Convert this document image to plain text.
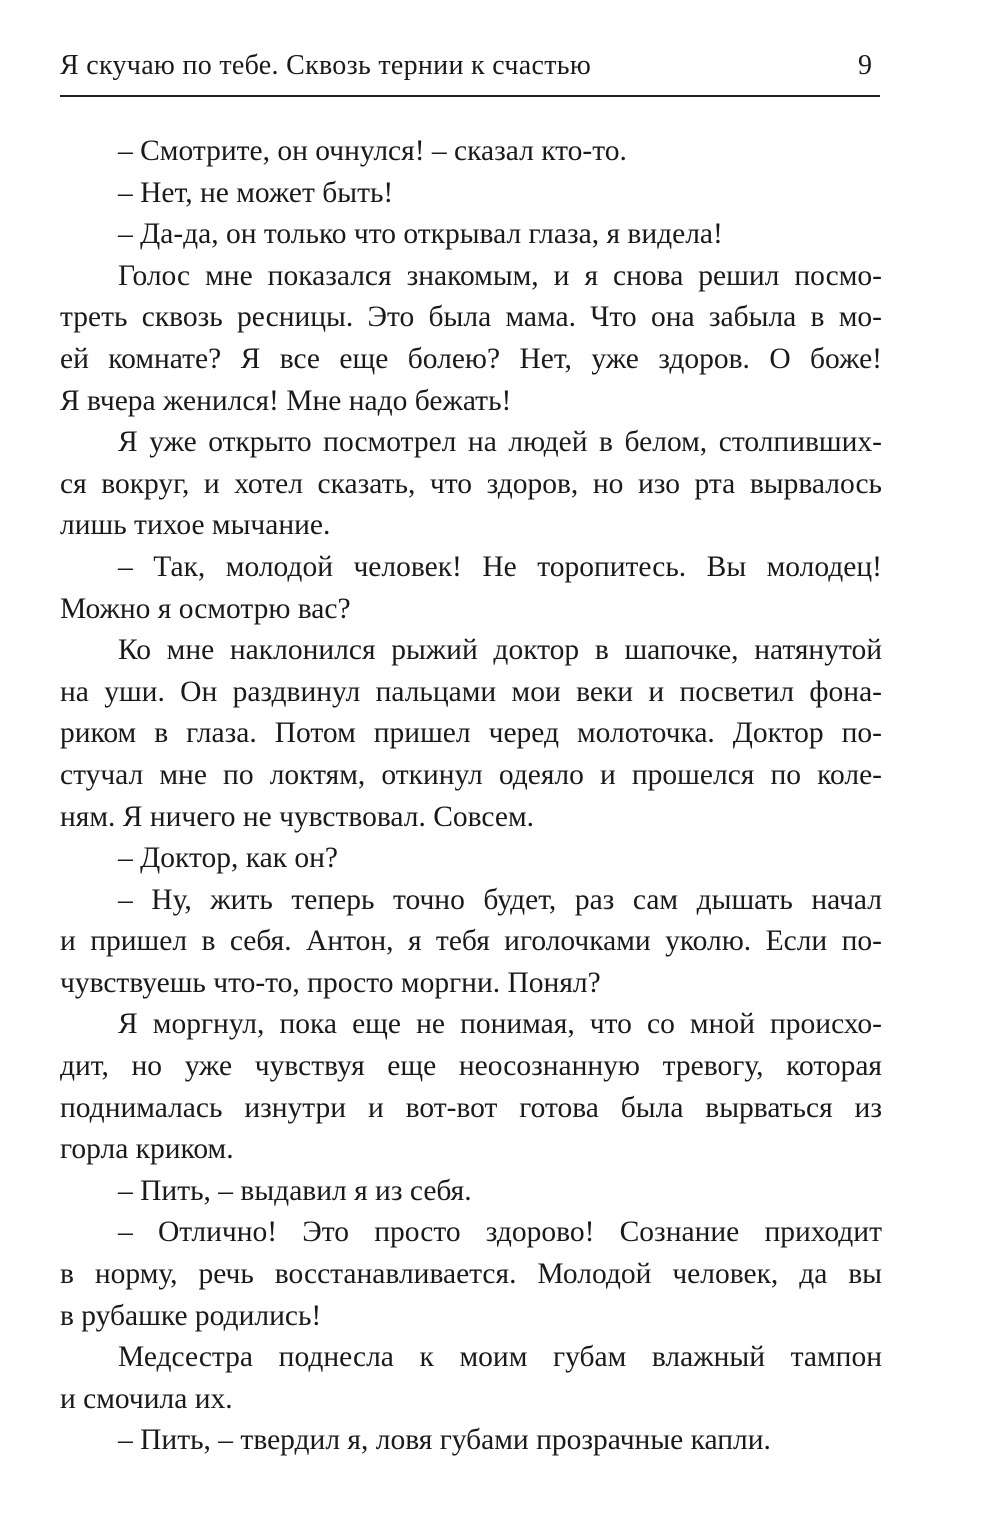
Я скучаю по тебе. Сквозь тернии к счастью	9
– Смотрите, он очнулся! – сказал кто-то.
– Нет, не может быть!
– Да-да, он только что открывал глаза, я видела!
Голос мне показался знакомым, и я снова решил посмо-
треть сквозь ресницы. Это была мама. Что она забыла в мо-
ей комнате? Я все еще болею? Нет, уже здоров. О боже!
Я вчера женился! Мне надо бежать!
Я уже открыто посмотрел на людей в белом, столпивших-
ся вокруг, и хотел сказать, что здоров, но изо рта вырвалось
лишь тихое мычание.
– Так, молодой человек! Не торопитесь. Вы молодец!
Можно я осмотрю вас?
Ко мне наклонился рыжий доктор в шапочке, натянутой
на уши. Он раздвинул пальцами мои веки и посветил фона-
риком в глаза. Потом пришел черед молоточка. Доктор по-
стучал мне по локтям, откинул одеяло и прошелся по коле-
ням. Я ничего не чувствовал. Совсем.
– Доктор, как он?
– Ну, жить теперь точно будет, раз сам дышать начал
и пришел в себя. Антон, я тебя иголочками уколю. Если по-
чувствуешь что-то, просто моргни. Понял?
Я моргнул, пока еще не понимая, что со мной происхо-
дит, но уже чувствуя еще неосознанную тревогу, которая
поднималась изнутри и вот-вот готова была вырваться из
горла криком.
– Пить, – выдавил я из себя.
– Отлично! Это просто здорово! Сознание приходит
в норму, речь восстанавливается. Молодой человек, да вы
в рубашке родились!
Медсестра поднесла к моим губам влажный тампон
и смочила их.
– Пить, – твердил я, ловя губами прозрачные капли.
